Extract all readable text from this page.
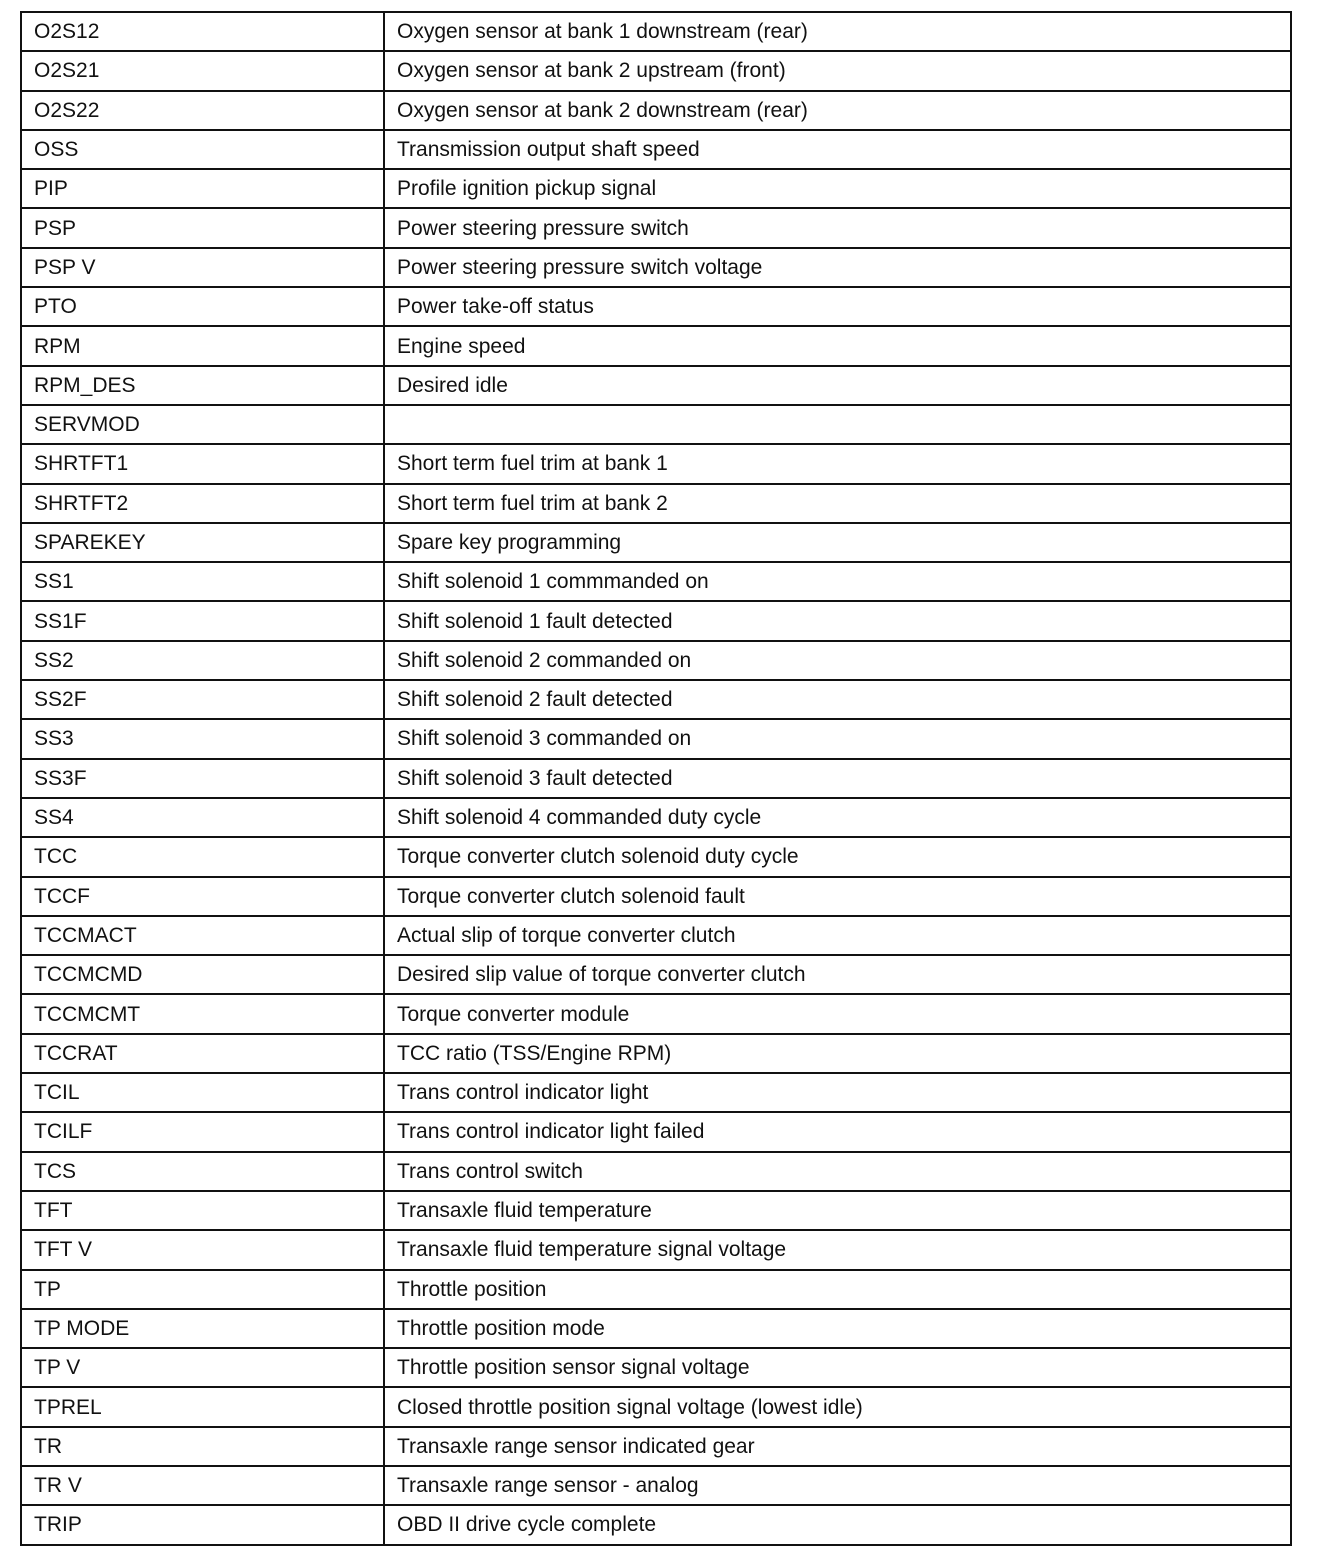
O2S12	Oxygen sensor at bank 1 downstream (rear)
O2S21	Oxygen sensor at bank 2 upstream (front)
O2S22	Oxygen sensor at bank 2 downstream (rear)
OSS	Transmission output shaft speed
PIP	Profile ignition pickup signal
PSP	Power steering pressure switch
PSP V	Power steering pressure switch voltage
PTO	Power take-off status
RPM	Engine speed
RPM_DES	Desired idle
SERVMOD	
SHRTFT1	Short term fuel trim at bank 1
SHRTFT2	Short term fuel trim at bank 2
SPAREKEY	Spare key programming
SS1	Shift solenoid 1 commmanded on
SS1F	Shift solenoid 1 fault detected
SS2	Shift solenoid 2 commanded on
SS2F	Shift solenoid 2 fault detected
SS3	Shift solenoid 3 commanded on
SS3F	Shift solenoid 3 fault detected
SS4	Shift solenoid 4 commanded duty cycle
TCC	Torque converter clutch solenoid duty cycle
TCCF	Torque converter clutch solenoid fault
TCCMACT	Actual slip of torque converter clutch
TCCMCMD	Desired slip value of torque converter clutch
TCCMCMT	Torque converter module
TCCRAT	TCC ratio (TSS/Engine RPM)
TCIL	Trans control indicator light
TCILF	Trans control indicator light failed
TCS	Trans control switch
TFT	Transaxle fluid temperature
TFT V	Transaxle fluid temperature signal voltage
TP	Throttle position
TP MODE	Throttle position mode
TP V	Throttle position sensor signal voltage
TPREL	Closed throttle position signal voltage (lowest idle)
TR	Transaxle range sensor indicated gear
TR V	Transaxle range sensor - analog
TRIP	OBD II drive cycle complete
